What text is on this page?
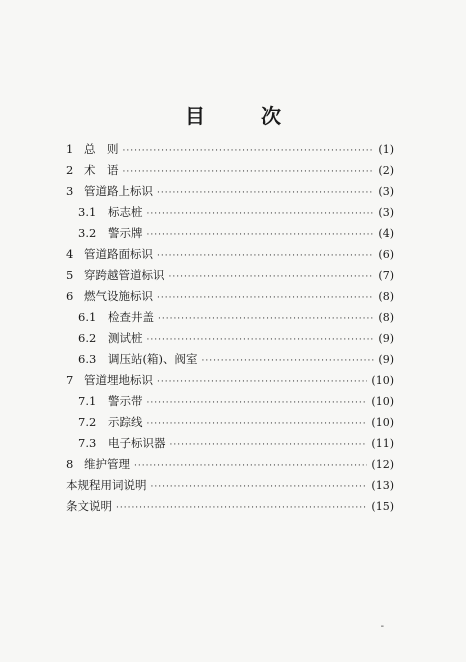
目　次
1 总　则 ·····	(1)
2 术　语 ·····	(2)
3 管道路上标识 ·····	(3)
3.1	标志桩 ·····	(3)
3.2	警示牌 ·····	(4)
4 管道路面标识 ·····	(6)
5 穿跨越管道标识 ·····	(7)
6 燃气设施标识 ·····	(8)
6.1	检查井盖 ·····	(8)
6.2	测试桩 ·····	(9)
6.3	调压站(箱)、阀室 ·····	(9)
7 管道埋地标识 ·····	(10)
7.1	警示带 ·····	(10)
7.2	示踪线 ·····	(10)
7.3	电子标识器 ·····	(11)
8 维护管理 ·····	(12)
本规程用词说明 ·····	(13)
条文说明 ·····	(15)
-
